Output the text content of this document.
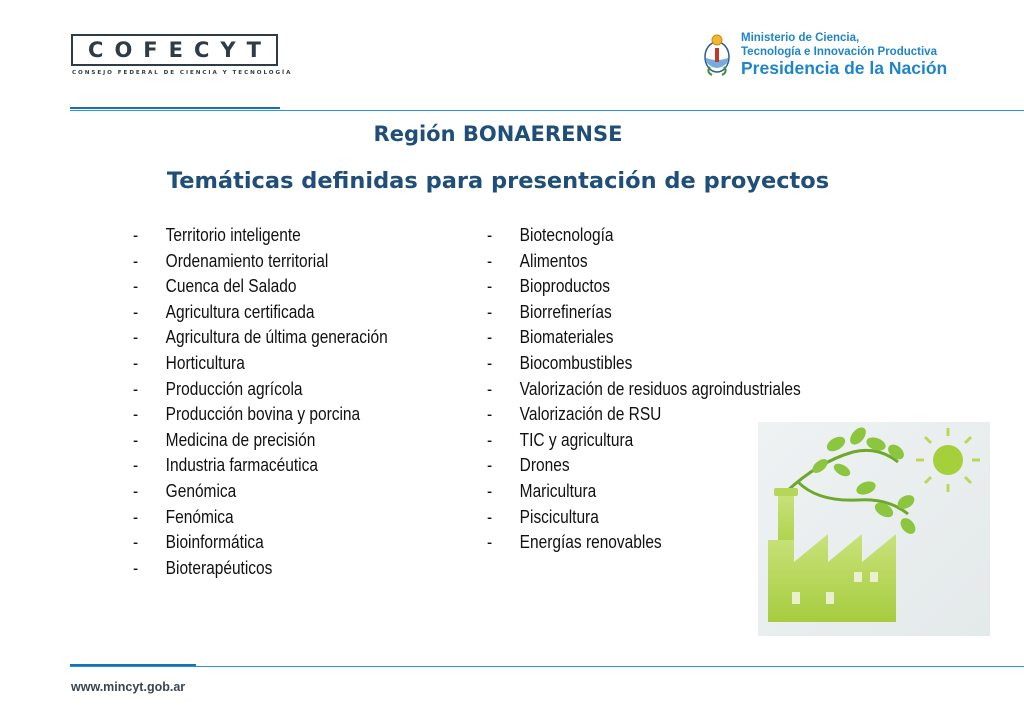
COFECYT
CONSEJO FEDERAL DE CIENCIA Y TECNOLOGÍA
Ministerio de Ciencia,
Tecnología e Innovación Productiva
Presidencia de la Nación
Región BONAERENSE
Temáticas definidas para presentación de proyectos
- Territorio inteligente
- Ordenamiento territorial
- Cuenca del Salado
- Agricultura certificada
- Agricultura de última generación
- Horticultura
- Producción agrícola
- Producción bovina y porcina
- Medicina de precisión
- Industria farmacéutica
- Genómica
- Fenómica
- Bioinformática
- Bioterapéuticos
- Biotecnología
- Alimentos
- Bioproductos
- Biorrefinerías
- Biomateriales
- Biocombustibles
- Valorización de residuos agroindustriales
- Valorización de RSU
- TIC y agricultura
- Drones
- Maricultura
- Piscicultura
- Energías renovables
www.mincyt.gob.ar
